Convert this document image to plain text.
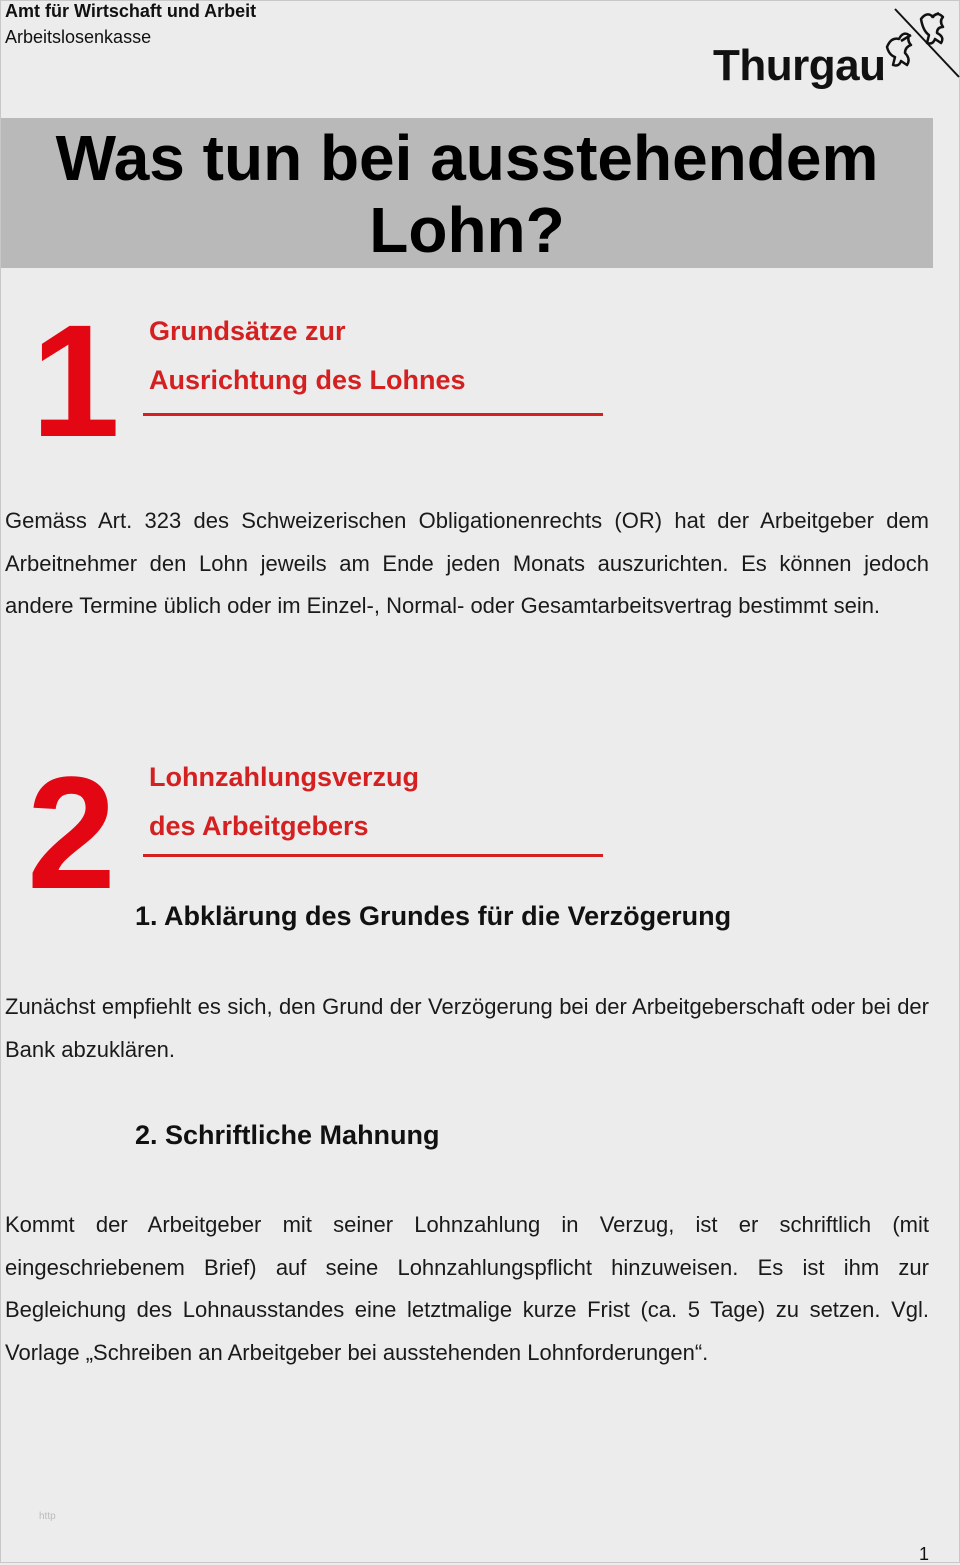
Amt für Wirtschaft und Arbeit
Arbeitslosenkasse
Thurgau
Was tun bei ausstehendem
Lohn?
1 Grundsätze zur
Ausrichtung des Lohnes

Gemäss Art. 323 des Schweizerischen Obligationenrechts (OR) hat der Arbeitgeber dem Arbeitnehmer den Lohn jeweils am Ende jeden Monats auszurichten. Es können jedoch andere Termine üblich oder im Einzel-, Normal- oder Gesamtarbeitsvertrag bestimmt sein.

2 Lohnzahlungsverzug
des Arbeitgebers
1. Abklärung des Grundes für die Verzögerung

Zunächst empfiehlt es sich, den Grund der Verzögerung bei der Arbeitgeberschaft oder bei der Bank abzuklären.

2. Schriftliche Mahnung

Kommt der Arbeitgeber mit seiner Lohnzahlung in Verzug, ist er schriftlich (mit eingeschriebenem Brief) auf seine Lohnzahlungspflicht hinzuweisen. Es ist ihm zur Begleichung des Lohnausstandes eine letztmalige kurze Frist (ca. 5 Tage) zu setzen. Vgl. Vorlage „Schreiben an Arbeitgeber bei ausstehenden Lohnforderungen“.

http
1
